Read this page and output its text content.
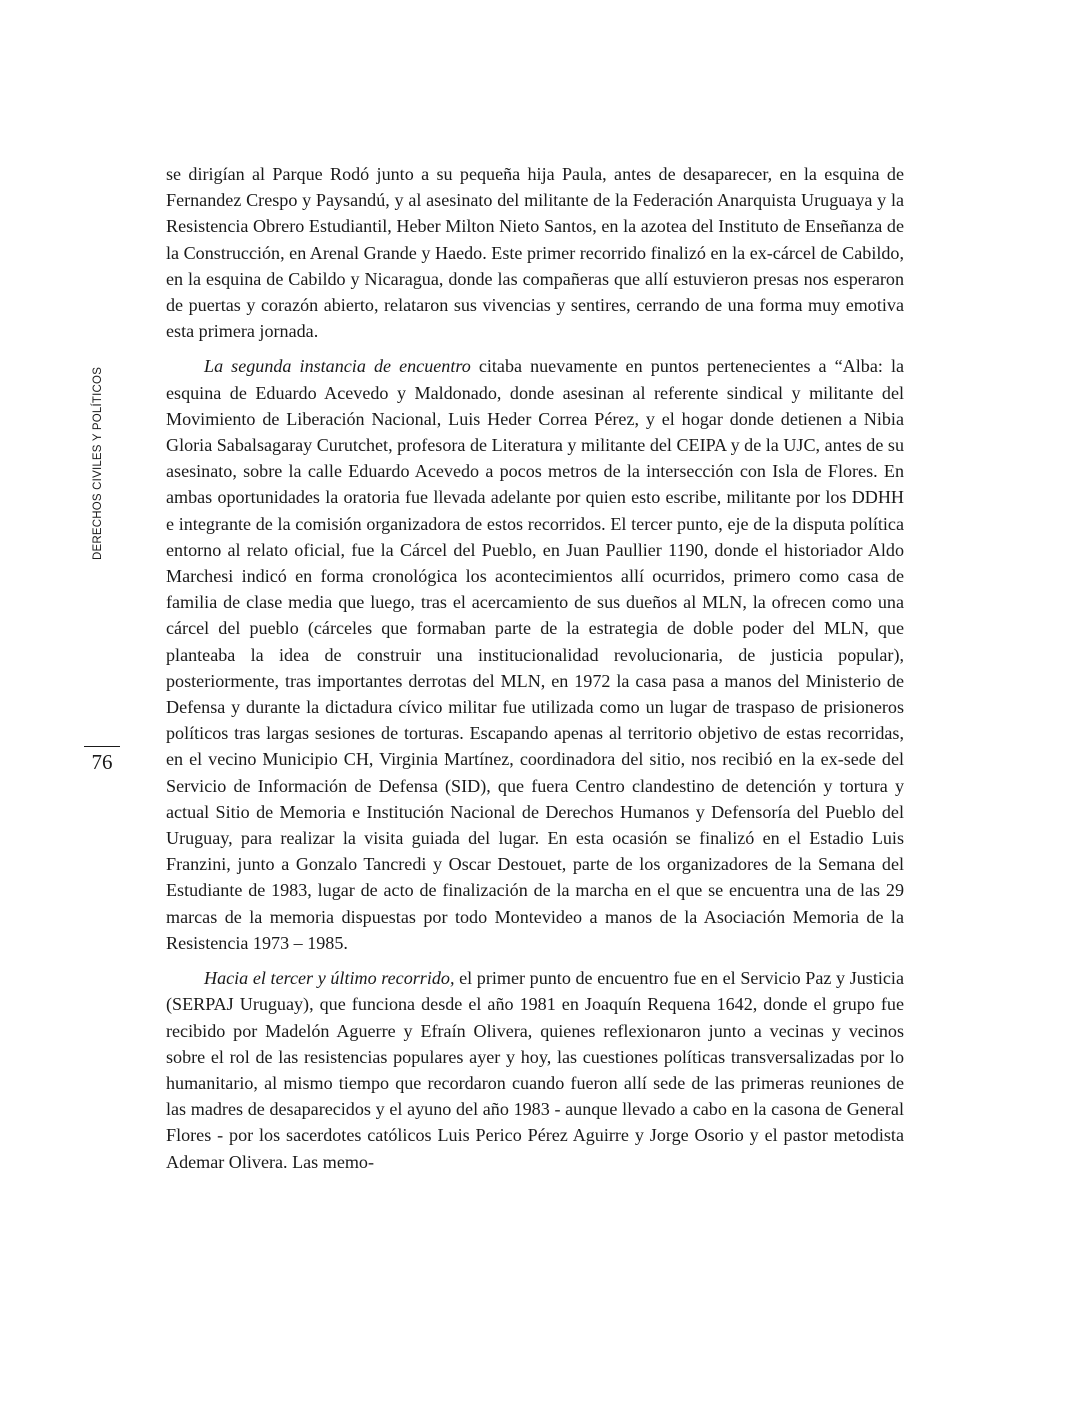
DERECHOS CIVILES Y POLÍTICOS
76

se dirigían al Parque Rodó junto a su pequeña hija Paula, antes de desaparecer, en la esquina de Fernandez Crespo y Paysandú, y al asesinato del militante de la Federación Anarquista Uruguaya y la Resistencia Obrero Estudiantil, Heber Milton Nieto Santos, en la azotea del Instituto de Enseñanza de la Construcción, en Arenal Grande y Haedo. Este primer recorrido finalizó en la ex-cárcel de Cabildo, en la esquina de Cabildo y Nicaragua, donde las compañeras que allí estuvieron presas nos esperaron de puertas y corazón abierto, relataron sus vivencias y sentires, cerrando de una forma muy emotiva esta primera jornada.

La segunda instancia de encuentro citaba nuevamente en puntos pertenecientes a “Alba: la esquina de Eduardo Acevedo y Maldonado, donde asesinan al referente sindical y militante del Movimiento de Liberación Nacional, Luis Heder Correa Pérez, y el hogar donde detienen a Nibia Gloria Sabalsagaray Curutchet, profesora de Literatura y militante del CEIPA y de la UJC, antes de su asesinato, sobre la calle Eduardo Acevedo a pocos metros de la intersección con Isla de Flores. En ambas oportunidades la oratoria fue llevada adelante por quien esto escribe, militante por los DDHH e integrante de la comisión organizadora de estos recorridos. El tercer punto, eje de la disputa política entorno al relato oficial, fue la Cárcel del Pueblo, en Juan Paullier 1190, donde el historiador Aldo Marchesi indicó en forma cronológica los acontecimientos allí ocurridos, primero como casa de familia de clase media que luego, tras el acercamiento de sus dueños al MLN, la ofrecen como una cárcel del pueblo (cárceles que formaban parte de la estrategia de doble poder del MLN, que planteaba la idea de construir una institucionalidad revolucionaria, de justicia popular), posteriormente, tras importantes derrotas del MLN, en 1972 la casa pasa a manos del Ministerio de Defensa y durante la dictadura cívico militar fue utilizada como un lugar de traspaso de prisioneros políticos tras largas sesiones de torturas. Escapando apenas al territorio objetivo de estas recorridas, en el vecino Municipio CH, Virginia Martínez, coordinadora del sitio, nos recibió en la ex-sede del Servicio de Información de Defensa (SID), que fuera Centro clandestino de detención y tortura y actual Sitio de Memoria e Institución Nacional de Derechos Humanos y Defensoría del Pueblo del Uruguay, para realizar la visita guiada del lugar. En esta ocasión se finalizó en el Estadio Luis Franzini, junto a Gonzalo Tancredi y Oscar Destouet, parte de los organizadores de la Semana del Estudiante de 1983, lugar de acto de finalización de la marcha en el que se encuentra una de las 29 marcas de la memoria dispuestas por todo Montevideo a manos de la Asociación Memoria de la Resistencia 1973 – 1985.

Hacia el tercer y último recorrido, el primer punto de encuentro fue en el Servicio Paz y Justicia (SERPAJ Uruguay), que funciona desde el año 1981 en Joaquín Requena 1642, donde el grupo fue recibido por Madelón Aguerre y Efraín Olivera, quienes reflexionaron junto a vecinas y vecinos sobre el rol de las resistencias populares ayer y hoy, las cuestiones políticas transversalizadas por lo humanitario, al mismo tiempo que recordaron cuando fueron allí sede de las primeras reuniones de las madres de desaparecidos y el ayuno del año 1983 - aunque llevado a cabo en la casona de General Flores - por los sacerdotes católicos Luis Perico Pérez Aguirre y Jorge Osorio y el pastor metodista Ademar Olivera. Las memo-
